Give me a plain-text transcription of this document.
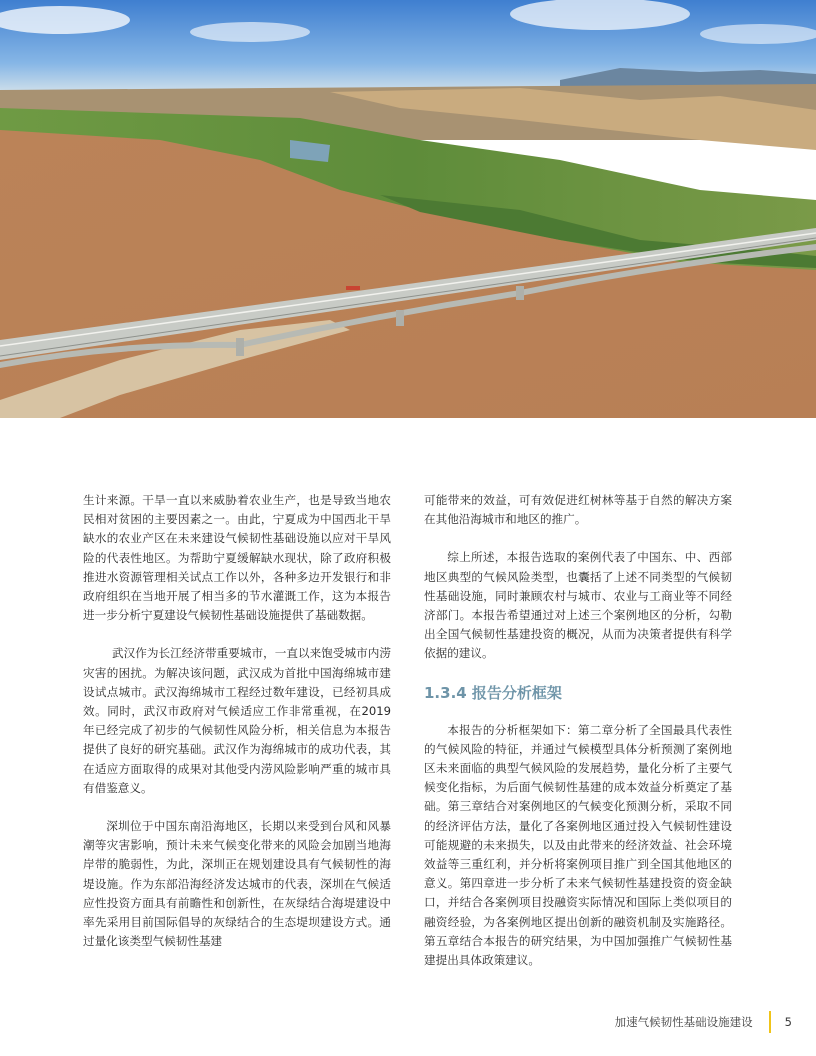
生计来源。干旱一直以来威胁着农业生产，也是导致当地农民相对贫困的主要因素之一。由此，宁夏成为中国西北干旱缺水的农业产区在未来建设气候韧性基础设施以应对干旱风险的代表性地区。为帮助宁夏缓解缺水现状，除了政府积极推进水资源管理相关试点工作以外，各种多边开发银行和非政府组织在当地开展了相当多的节水灌溉工作，这为本报告进一步分析宁夏建设气候韧性基础设施提供了基础数据。

武汉作为长江经济带重要城市，一直以来饱受城市内涝灾害的困扰。为解决该问题，武汉成为首批中国海绵城市建设试点城市。武汉海绵城市工程经过数年建设，已经初具成效。同时，武汉市政府对气候适应工作非常重视，在2019 年已经完成了初步的气候韧性风险分析，相关信息为本报告提供了良好的研究基础。武汉作为海绵城市的成功代表，其在适应方面取得的成果对其他受内涝风险影响严重的城市具有借鉴意义。

深圳位于中国东南沿海地区，长期以来受到台风和风暴潮等灾害影响，预计未来气候变化带来的风险会加剧当地海岸带的脆弱性，为此，深圳正在规划建设具有气候韧性的海堤设施。作为东部沿海经济发达城市的代表，深圳在气候适应性投资方面具有前瞻性和创新性，在灰绿结合海堤建设中率先采用目前国际倡导的灰绿结合的生态堤坝建设方式。通过量化该类型气候韧性基建

可能带来的效益，可有效促进红树林等基于自然的解决方案在其他沿海城市和地区的推广。

综上所述，本报告选取的案例代表了中国东、中、西部地区典型的气候风险类型，也囊括了上述不同类型的气候韧性基础设施，同时兼顾农村与城市、农业与工商业等不同经济部门。本报告希望通过对上述三个案例地区的分析，勾勒出全国气候韧性基建投资的概况，从而为决策者提供有科学依据的建议。

1.3.4 报告分析框架

本报告的分析框架如下：第二章分析了全国最具代表性的气候风险的特征，并通过气候模型具体分析预测了案例地区未来面临的典型气候风险的发展趋势，量化分析了主要气候变化指标，为后面气候韧性基建的成本效益分析奠定了基础。第三章结合对案例地区的气候变化预测分析，采取不同的经济评估方法，量化了各案例地区通过投入气候韧性建设可能规避的未来损失，以及由此带来的经济效益、社会环境效益等三重红利，并分析将案例项目推广到全国其他地区的意义。第四章进一步分析了未来气候韧性基建投资的资金缺口，并结合各案例项目投融资实际情况和国际上类似项目的融资经验，为各案例地区提出创新的融资机制及实施路径。第五章结合本报告的研究结果，为中国加强推广气候韧性基建提出具体政策建议。

加速气候韧性基础设施建设	5
